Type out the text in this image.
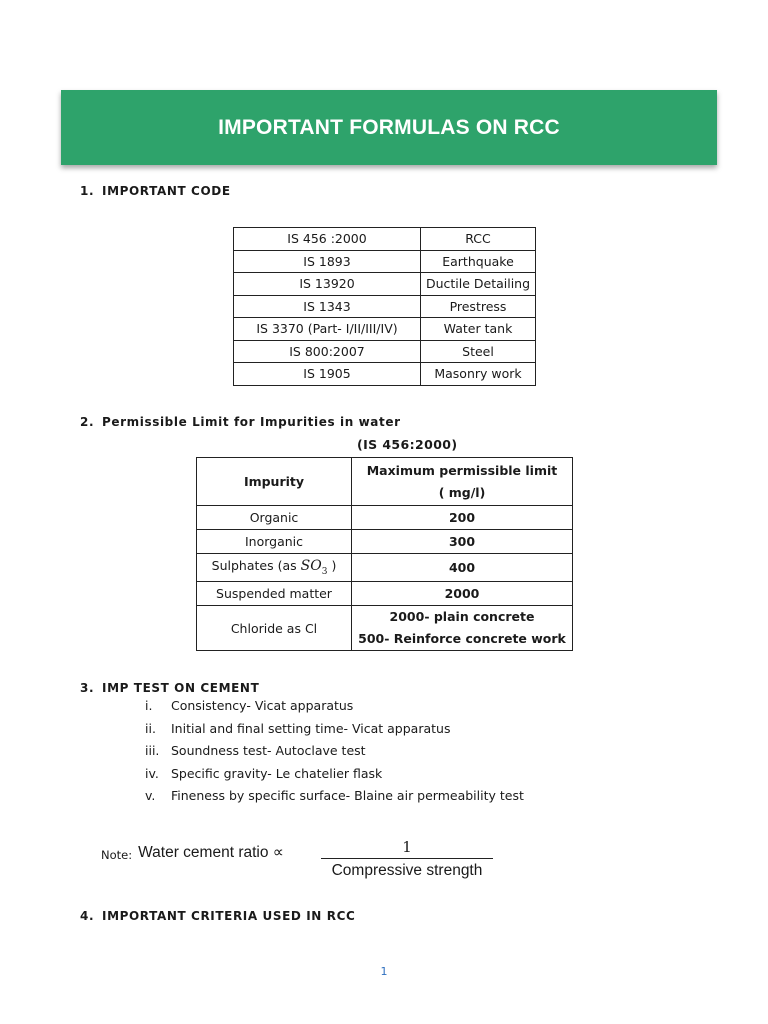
IMPORTANT FORMULAS ON RCC
1. IMPORTANT CODE
IS 456 :2000	RCC
IS 1893	Earthquake
IS 13920	Ductile Detailing
IS 1343	Prestress
IS 3370 (Part- I/II/III/IV)	Water tank
IS 800:2007	Steel
IS 1905	Masonry work
2. Permissible Limit for Impurities in water
(IS 456:2000)
Impurity	Maximum permissible limit
( mg/l)

Organic	200
Inorganic	300
Sulphates (as $SO_3$ )	400
Suspended matter	2000
Chloride as Cl	2000- plain concrete
500- Reinforce concrete work
3. IMP TEST ON CEMENT
i.	Consistency- Vicat apparatus
ii.	Initial and final setting time- Vicat apparatus
iii. Soundness test- Autoclave test
iv. Specific gravity- Le chatelier flask
v.	Fineness by specific surface- Blaine air permeability test
Note: Water cement ratio ∝	1
Compressive strength
4. IMPORTANT CRITERIA USED IN RCC
1
